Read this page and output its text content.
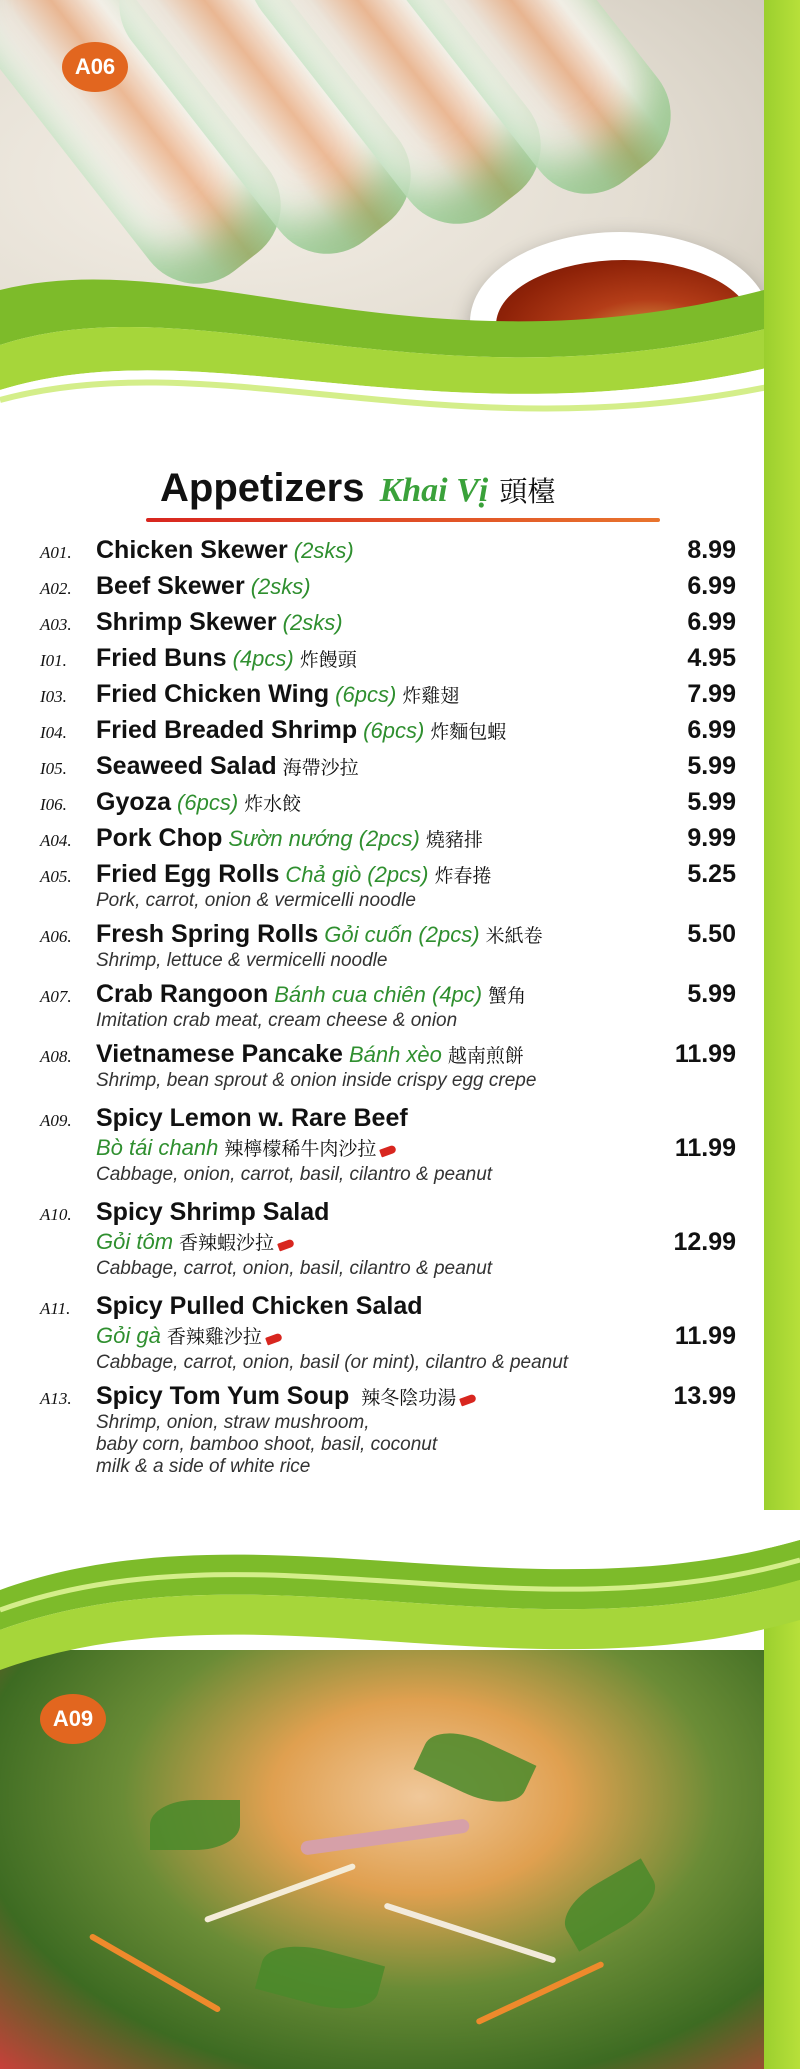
A06
Appetizers Khai Vị 頭檯
A01. Chicken Skewer (2sks)	8.99
A02. Beef Skewer (2sks)	6.99
A03. Shrimp Skewer (2sks)	6.99
I01.	Fried Buns (4pcs) 炸饅頭	4.95
I03.	Fried Chicken Wing (6pcs) 炸雞翅	7.99
I04.	Fried Breaded Shrimp (6pcs) 炸麵包蝦	6.99
I05.	Seaweed Salad 海帶沙拉	5.99
I06.	Gyoza (6pcs) 炸水餃	5.99
A04. Pork Chop Sườn nướng (2pcs) 燒豬排	9.99
A05. Fried Egg Rolls Chả giò (2pcs) 炸春捲	5.25
Pork, carrot, onion & vermicelli noodle
A06. Fresh Spring Rolls Gỏi cuốn (2pcs) 米紙卷	5.50
Shrimp, lettuce & vermicelli noodle
A07. Crab Rangoon Bánh cua chiên (4pc) 蟹角	5.99
Imitation crab meat, cream cheese & onion
A08. Vietnamese Pancake Bánh xèo 越南煎餅	11.99
Shrimp, bean sprout & onion inside crispy egg crepe
A09. Spicy Lemon w. Rare Beef
Bò tái chanh 辣檸檬稀牛肉沙拉	11.99
Cabbage, onion, carrot, basil, cilantro & peanut
A10. Spicy Shrimp Salad
Gỏi tôm 香辣蝦沙拉	12.99
Cabbage, carrot, onion, basil, cilantro & peanut
A11.	Spicy Pulled Chicken Salad
Gỏi gà 香辣雞沙拉	11.99
Cabbage, carrot, onion, basil (or mint), cilantro & peanut
A13. Spicy Tom Yum Soup 辣冬陰功湯	13.99
Shrimp, onion, straw mushroom,
baby corn, bamboo shoot, basil, coconut
milk & a side of white rice
A09
